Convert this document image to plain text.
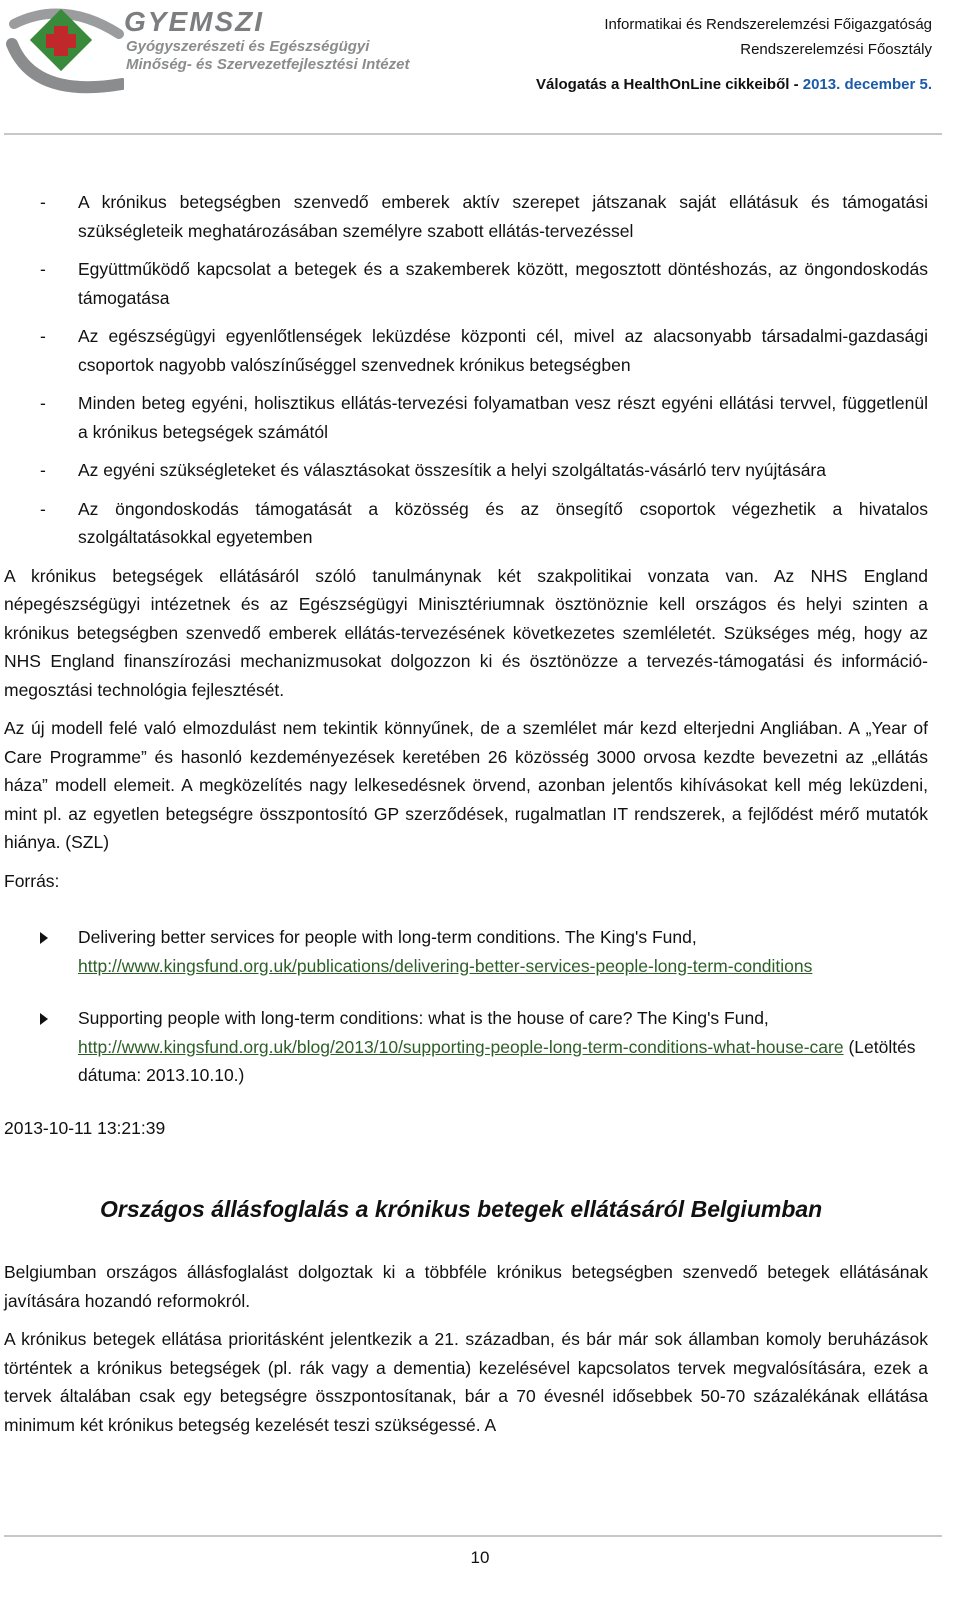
GYEMSZI
Gyógyszerészeti és Egészségügyi
Minőség- és Szervezetfejlesztési Intézet
Informatikai és Rendszerelemzési Főigazgatóság
Rendszerelemzési Főosztály
Válogatás a HealthOnLine cikkeiből - 2013. december 5.
- A krónikus betegségben szenvedő emberek aktív szerepet játszanak saját ellátásuk és támogatási szükségleteik meghatározásában személyre szabott ellátás-tervezéssel
- Együttműködő kapcsolat a betegek és a szakemberek között, megosztott döntéshozás, az öngondoskodás támogatása
- Az egészségügyi egyenlőtlenségek leküzdése központi cél, mivel az alacsonyabb társadalmi-gazdasági csoportok nagyobb valószínűséggel szenvednek krónikus betegségben
- Minden beteg egyéni, holisztikus ellátás-tervezési folyamatban vesz részt egyéni ellátási tervvel, függetlenül a krónikus betegségek számától
- Az egyéni szükségleteket és választásokat összesítik a helyi szolgáltatás-vásárló terv nyújtására
- Az öngondoskodás támogatását a közösség és az önsegítő csoportok végezhetik a hivatalos szolgáltatásokkal egyetemben

A krónikus betegségek ellátásáról szóló tanulmánynak két szakpolitikai vonzata van. Az NHS England népegészségügyi intézetnek és az Egészségügyi Minisztériumnak ösztönöznie kell országos és helyi szinten a krónikus betegségben szenvedő emberek ellátás-tervezésének következetes szemléletét. Szükséges még, hogy az NHS England finanszírozási mechanizmusokat dolgozzon ki és ösztönözze a tervezés-támogatási és információ-megosztási technológia fejlesztését.

Az új modell felé való elmozdulást nem tekintik könnyűnek, de a szemlélet már kezd elterjedni Angliában. A „Year of Care Programme” és hasonló kezdeményezések keretében 26 közösség 3000 orvosa kezdte bevezetni az „ellátás háza” modell elemeit. A megközelítés nagy lelkesedésnek örvend, azonban jelentős kihívásokat kell még leküzdeni, mint pl. az egyetlen betegségre összpontosító GP szerződések, rugalmatlan IT rendszerek, a fejlődést mérő mutatók hiánya. (SZL)

Forrás:

Delivering better services for people with long-term conditions. The King's Fund, http://www.kingsfund.org.uk/publications/delivering-better-services-people-long-term-conditions
Supporting people with long-term conditions: what is the house of care? The King's Fund, http://www.kingsfund.org.uk/blog/2013/10/supporting-people-long-term-conditions-what-house-care (Letöltés dátuma: 2013.10.10.)

2013-10-11 13:21:39

Országos állásfoglalás a krónikus betegek ellátásáról Belgiumban

Belgiumban országos állásfoglalást dolgoztak ki a többféle krónikus betegségben szenvedő betegek ellátásának javítására hozandó reformokról.

A krónikus betegek ellátása prioritásként jelentkezik a 21. században, és bár már sok államban komoly beruházások történtek a krónikus betegségek (pl. rák vagy a dementia) kezelésével kapcsolatos tervek megvalósítására, ezek a tervek általában csak egy betegségre összpontosítanak, bár a 70 évesnél idősebbek 50-70 százalékának ellátása minimum két krónikus betegség kezelését teszi szükségessé. A

10
